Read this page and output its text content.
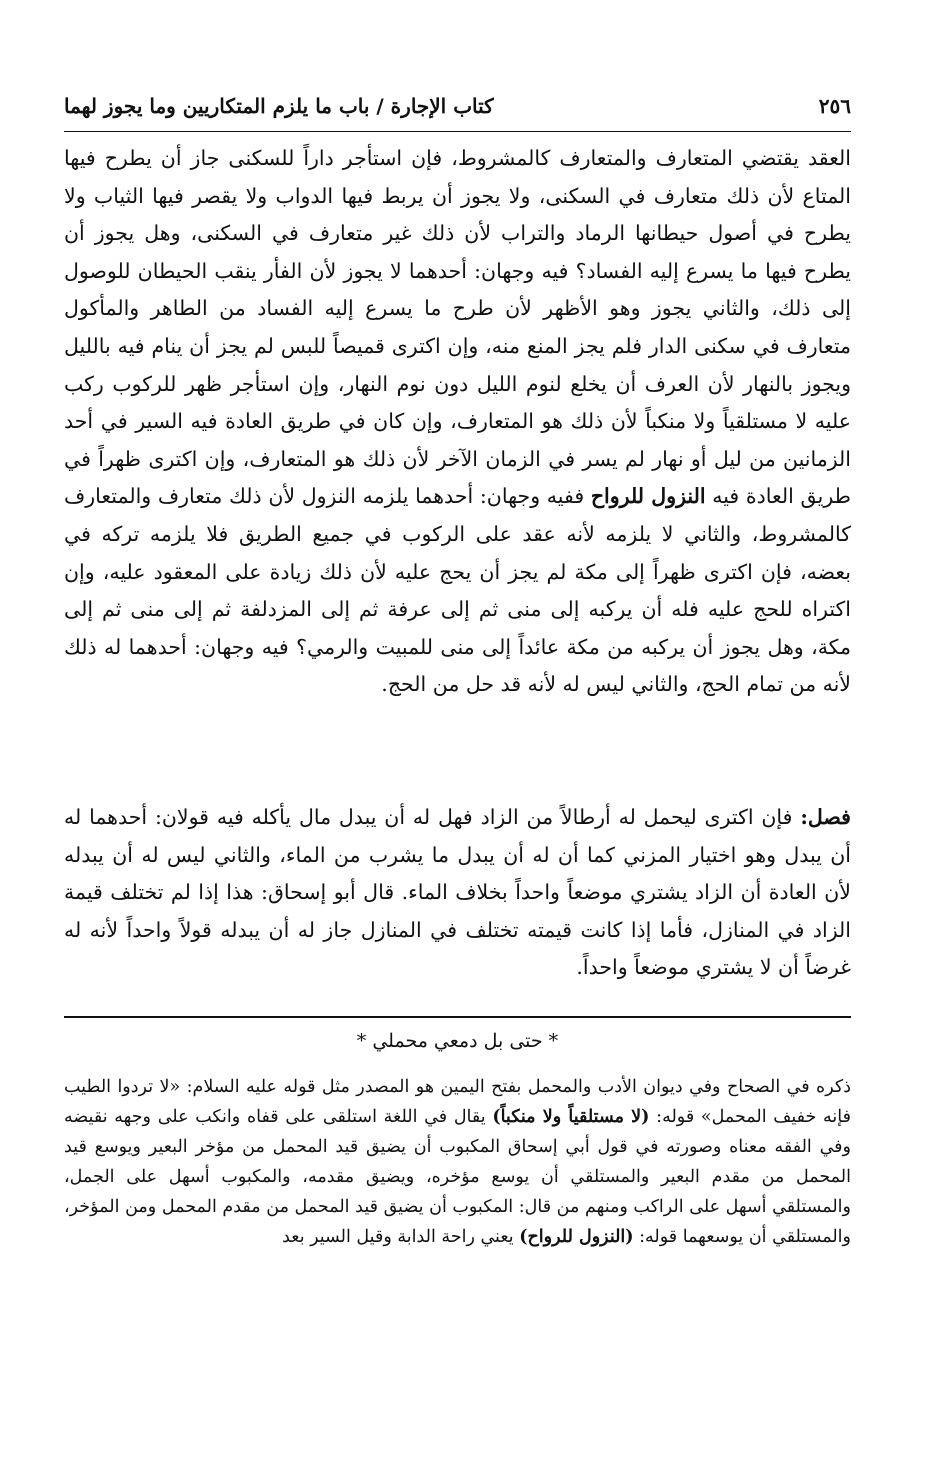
٢٥٦
كتاب الإجارة / باب ما يلزم المتكاريين وما يجوز لهما

العقد يقتضي المتعارف والمتعارف كالمشروط، فإن استأجر داراً للسكنى جاز أن يطرح فيها المتاع لأن ذلك متعارف في السكنى، ولا يجوز أن يربط فيها الدواب ولا يقصر فيها الثياب ولا يطرح في أصول حيطانها الرماد والتراب لأن ذلك غير متعارف في السكنى، وهل يجوز أن يطرح فيها ما يسرع إليه الفساد؟ فيه وجهان: أحدهما لا يجوز لأن الفأر ينقب الحيطان للوصول إلى ذلك، والثاني يجوز وهو الأظهر لأن طرح ما يسرع إليه الفساد من الطاهر والمأكول متعارف في سكنى الدار فلم يجز المنع منه، وإن اكترى قميصاً للبس لم يجز أن ينام فيه بالليل ويجوز بالنهار لأن العرف أن يخلع لنوم الليل دون نوم النهار، وإن استأجر ظهر للركوب ركب عليه لا مستلقياً ولا منكباً لأن ذلك هو المتعارف، وإن كان في طريق العادة فيه السير في أحد الزمانين من ليل أو نهار لم يسر في الزمان الآخر لأن ذلك هو المتعارف، وإن اكترى ظهراً في طريق العادة فيه النزول للرواح ففيه وجهان: أحدهما يلزمه النزول لأن ذلك متعارف والمتعارف كالمشروط، والثاني لا يلزمه لأنه عقد على الركوب في جميع الطريق فلا يلزمه تركه في بعضه، فإن اكترى ظهراً إلى مكة لم يجز أن يحج عليه لأن ذلك زيادة على المعقود عليه، وإن اكتراه للحج عليه فله أن يركبه إلى منى ثم إلى عرفة ثم إلى المزدلفة ثم إلى منى ثم إلى مكة، وهل يجوز أن يركبه من مكة عائداً إلى منى للمبيت والرمي؟ فيه وجهان: أحدهما له ذلك لأنه من تمام الحج، والثاني ليس له لأنه قد حل من الحج.

فصل: فإن اكترى ليحمل له أرطالاً من الزاد فهل له أن يبدل مال يأكله فيه قولان: أحدهما له أن يبدل وهو اختيار المزني كما أن له أن يبدل ما يشرب من الماء، والثاني ليس له أن يبدله لأن العادة أن الزاد يشتري موضعاً واحداً بخلاف الماء. قال أبو إسحاق: هذا إذا لم تختلف قيمة الزاد في المنازل، فأما إذا كانت قيمته تختلف في المنازل جاز له أن يبدله قولاً واحداً لأنه له غرضاً أن لا يشتري موضعاً واحداً.

* حتى بل دمعي محملي *

ذكره في الصحاح وفي ديوان الأدب والمحمل بفتح اليمين هو المصدر مثل قوله عليه السلام: «لا تردوا الطيب فإنه خفيف المحمل» قوله: (لا مستلقياً ولا منكباً) يقال في اللغة استلقى على قفاه وانكب على وجهه نقيضه وفي الفقه معناه وصورته في قول أبي إسحاق المكبوب أن يضيق قيد المحمل من مؤخر البعير ويوسع قيد المحمل من مقدم البعير والمستلقي أن يوسع مؤخره، ويضيق مقدمه، والمكبوب أسهل على الجمل، والمستلقي أسهل على الراكب ومنهم من قال: المكبوب أن يضيق قيد المحمل من مقدم المحمل ومن المؤخر، والمستلقي أن يوسعهما قوله: (النزول للرواح) يعني راحة الدابة وقيل السير بعد
